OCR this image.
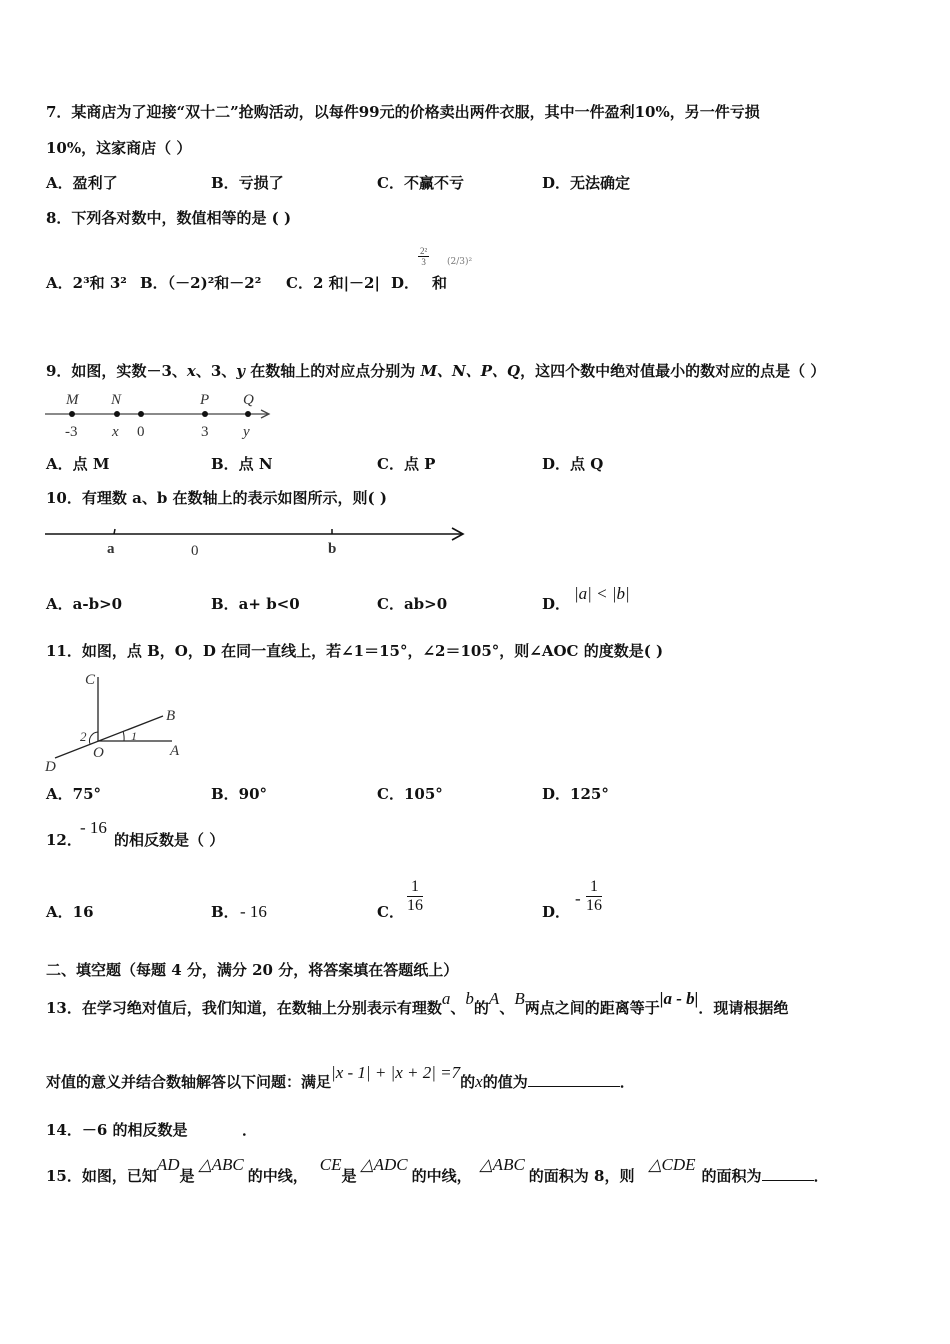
7．某商店为了迎接“双十二”抢购活动，以每件99元的价格卖出两件衣服，其中一件盈利10%，另一件亏损
10%，这家商店（ ）
A．盈利了	B．亏损了	C．不赢不亏	D．无法确定
8．下列各对数中，数值相等的是 ( )
A．2³和 3² B．（－2)²和－2² C．2 和|－2| D．
$\frac{\text{2²}}{3}$
和
(2/3)²
9．如图，实数－3、x、3、y 在数轴上的对应点分别为 M、N、P、Q，这四个数中绝对值最小的数对应的点是（ ）
M N	P Q
-3 x 0	3 y
A．点 M	B．点 N	C．点 P	D．点 Q
10．有理数 a、b 在数轴上的表示如图所示，则( )
a	0	b
A．a-b>0	B．a+ b<0	C．ab>0	D．
|a| < |b|
11．如图，点 B，O，D 在同一直线上，若∠1＝15°，∠2＝105°，则∠AOC 的度数是( )
C
B
2	1
O	A
D
A．75°	B．90°	C．105°	D．125°
12．
- 16
的相反数是（ ）
A．16	B． - 16	C． $\frac{1}{16}$	D．
- $\frac{1}{16}$
二、填空题（每题 4 分，满分 20 分，将答案填在答题纸上）
13．在学习绝对值后，我们知道，在数轴上分别表示有理数a、b的A、B两点之间的距离等于|a - b|．现请根据绝
对值的意义并结合数轴解答以下问题：满足|x - 1| + |x + 2| =7的x的值为	．
14．－6 的相反数是	．
15．如图，已知AD是△ABC的中线，CE是△ADC的中线，△ABC的面积为 8，则△CDE的面积为	．
